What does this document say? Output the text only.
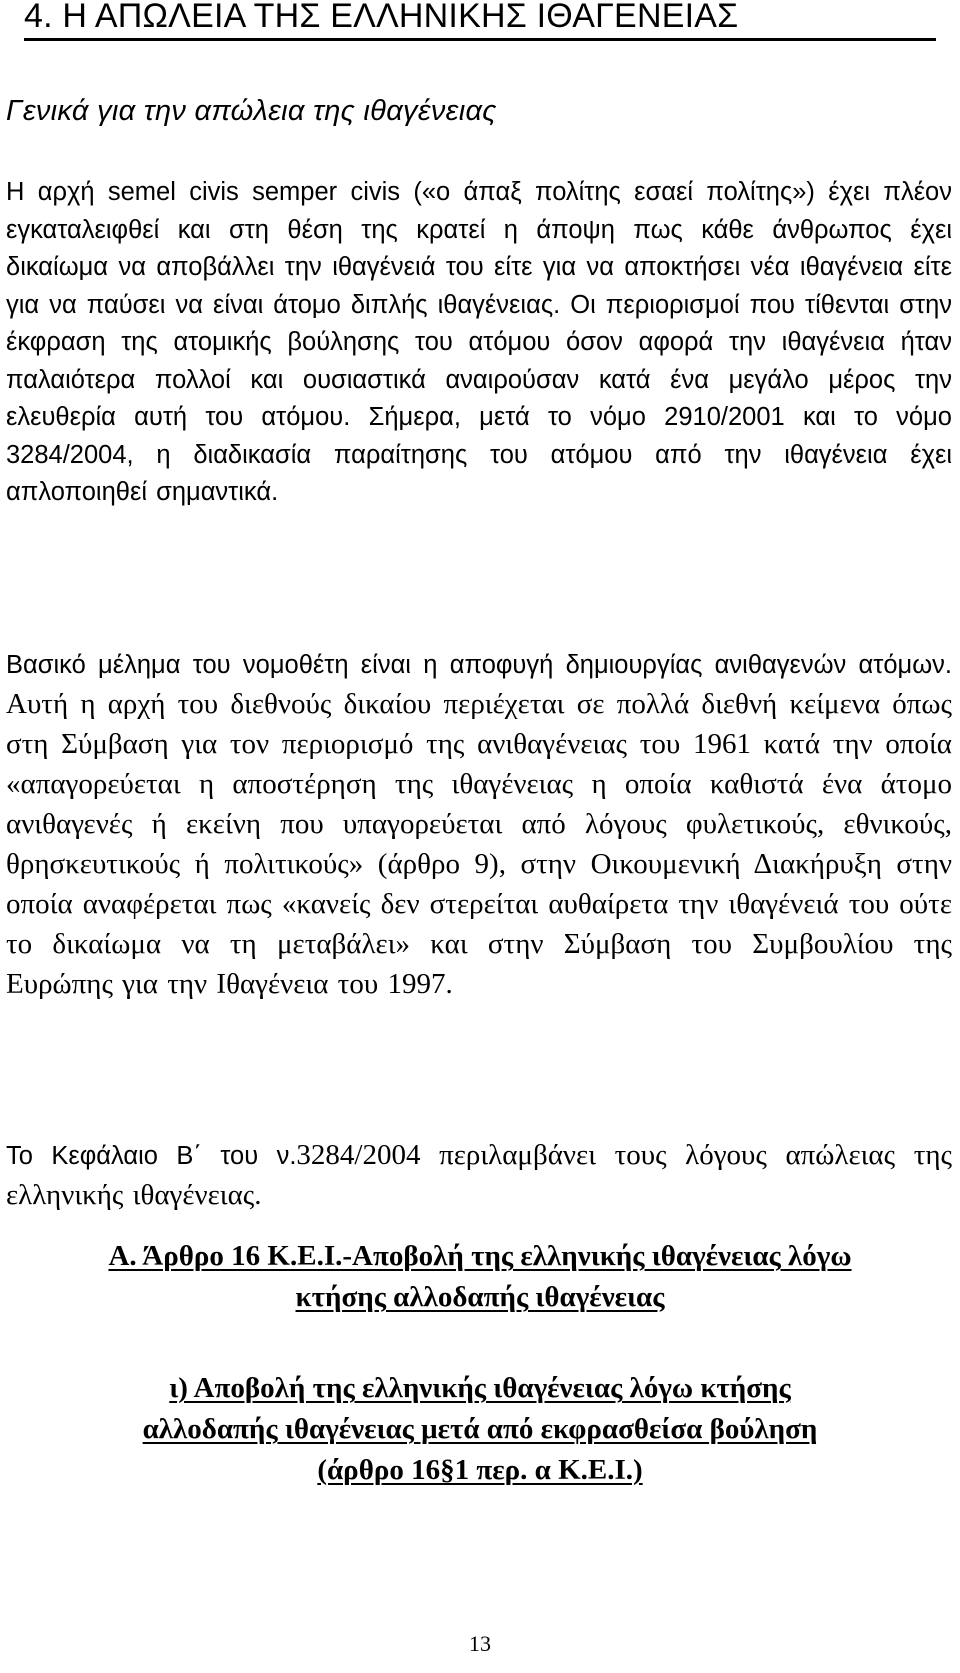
4. Η ΑΠΩΛΕΙΑ ΤΗΣ ΕΛΛΗΝΙΚΗΣ ΙΘΑΓΕΝΕΙΑΣ
Γενικά για την απώλεια της ιθαγένειας
Η αρχή semel civis semper civis («ο άπαξ πολίτης εσαεί πολίτης») έχει πλέον εγκαταλειφθεί και στη θέση της κρατεί η άποψη πως κάθε άνθρωπος έχει δικαίωμα να αποβάλλει την ιθαγένειά του είτε για να αποκτήσει νέα ιθαγένεια είτε για να παύσει να είναι άτομο διπλής ιθαγένειας. Οι περιορισμοί που τίθενται στην έκφραση της ατομικής βούλησης του ατόμου όσον αφορά την ιθαγένεια ήταν παλαιότερα πολλοί και ουσιαστικά αναιρούσαν κατά ένα μεγάλο μέρος την ελευθερία αυτή του ατόμου. Σήμερα, μετά το νόμο 2910/2001 και το νόμο 3284/2004, η διαδικασία παραίτησης του ατόμου από την ιθαγένεια έχει απλοποιηθεί σημαντικά.
Βασικό μέλημα του νομοθέτη είναι η αποφυγή δημιουργίας ανιθαγενών ατόμων. Αυτή η αρχή του διεθνούς δικαίου περιέχεται σε πολλά διεθνή κείμενα όπως στη Σύμβαση για τον περιορισμό της ανιθαγένειας του 1961 κατά την οποία «απαγορεύεται η αποστέρηση της ιθαγένειας η οποία καθιστά ένα άτομο ανιθαγενές ή εκείνη που υπαγορεύεται από λόγους φυλετικούς, εθνικούς, θρησκευτικούς ή πολιτικούς» (άρθρο 9), στην Οικουμενική Διακήρυξη στην οποία αναφέρεται πως «κανείς δεν στερείται αυθαίρετα την ιθαγένειά του ούτε το δικαίωμα να τη μεταβάλει» και στην Σύμβαση του Συμβουλίου της Ευρώπης για την Ιθαγένεια του 1997.
Το Κεφάλαιο Β΄ του ν.3284/2004 περιλαμβάνει τους λόγους απώλειας της ελληνικής ιθαγένειας.
Α. Άρθρο 16 Κ.Ε.Ι.-Αποβολή της ελληνικής ιθαγένειας λόγω
κτήσης αλλοδαπής ιθαγένειας
ι) Αποβολή της ελληνικής ιθαγένειας λόγω κτήσης
αλλοδαπής ιθαγένειας μετά από εκφρασθείσα βούληση
(άρθρο 16§1 περ. α Κ.Ε.Ι.)
13
